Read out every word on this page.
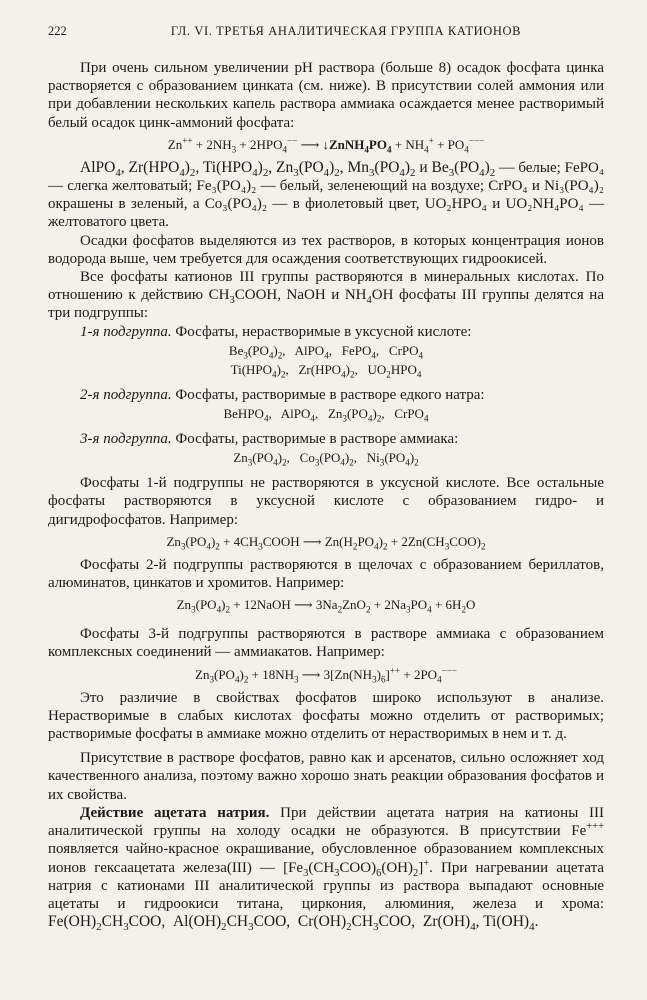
222	ГЛ. VI. ТРЕТЬЯ АНАЛИТИЧЕСКАЯ ГРУППА КАТИОНОВ

При очень сильном увеличении pH раствора (больше 8) осадок фосфата цинка растворяется с образованием цинката (см. ниже). В присутствии солей аммония или при добавлении нескольких капель раствора аммиака осаждается менее растворимый белый осадок цинк-аммоний фосфата:

$Zn^{++} + 2NH_3 + 2HPO_4^{--}$ ⟶ $↓ZnNH_4PO_4 + NH_4^+ + PO_4^{---}$

AlPO$_4$, $Zr(HPO_4)_2$, $Ti(HPO_4)_2$, $Zn_3(PO_4)_2$, $Mn_3(PO_4)_2$ и $Be_3(PO_4)_2$ — белые; FePO₄ — слегка желтоватый; Fe₃(PO₄)₂ — белый, зеленеющий на воздухе; CrPO₄ и Ni₃(PO₄)₂ окрашены в зеленый, а Co₃(PO₄)₂ — в фиолетовый цвет, UO₂HPO₄ и UO₂NH₄PO₄ — желтоватого цвета.

Осадки фосфатов выделяются из тех растворов, в которых концентрация ионов водорода выше, чем требуется для осаждения соответствующих гидроокисей.

Все фосфаты катионов III группы растворяются в минеральных кислотах. По отношению к действию $CH_3COOH$, NaOH и $NH_4OH$ фосфаты III группы делятся на три подгруппы:

1-я подгруппа. Фосфаты, нерастворимые в уксусной кислоте:

$Be_3(PO_4)_2$,   AlPO$_4$,   FePO$_4$,   CrPO$_4$
$Ti(HPO_4)_2$,   $Zr(HPO_4)_2$,   $UO_2HPO_4$

2-я подгруппа. Фосфаты, растворимые в растворе едкого натра:

BeHPO$_4$,   AlPO$_4$,   $Zn_3(PO_4)_2$,   CrPO$_4$

3-я подгруппа. Фосфаты, растворимые в растворе аммиака:

$Zn_3(PO_4)_2$,   $Co_3(PO_4)_2$,   $Ni_3(PO_4)_2$

Фосфаты 1-й подгруппы не растворяются в уксусной кислоте. Все остальные фосфаты растворяются в уксусной кислоте с образованием гидро- и дигидрофосфатов. Например:

$Zn_3(PO_4)_2$ + $4CH_3COOH$ ⟶ $Zn(H_2PO_4)_2 + 2Zn(CH_3COO)_2$

Фосфаты 2-й подгруппы растворяются в щелочах с образованием бериллатов, алюминатов, цинкатов и хромитов. Например:

$Zn_3(PO_4)_2$ + 12NaOH ⟶ $3Na_2ZnO_2 + 2Na_3PO_4 + 6H_2O$

Фосфаты 3-й подгруппы растворяются в растворе аммиака с образованием комплексных соединений — аммиакатов. Например:

$Zn_3(PO_4)_2 + 18NH_3$ ⟶ $3[Zn(NH_3)_6]^{++} + 2PO_4^{---}$

Это различие в свойствах фосфатов широко используют в анализе. Нерастворимые в слабых кислотах фосфаты можно отделить от растворимых; растворимые фосфаты в аммиаке можно отделить от нерастворимых в нем и т. д.

Присутствие в растворе фосфатов, равно как и арсенатов, сильно осложняет ход качественного анализа, поэтому важно хорошо знать реакции образования фосфатов и их свойства.

Действие ацетата натрия. При действии ацетата натрия на катионы III аналитической группы на холоду осадки не образуются. В присутствии Fe+++ появляется чайно-красное окрашивание, обусловленное образованием комплексных ионов гексаацетата железа(III) — $[Fe_3(CH_3COO)_6(OH)_2]^+$. При нагревании ацетата натрия с катионами III аналитической группы из раствора выпадают основные ацетаты и гидроокиси титана, циркония, алюминия, железа и хрома: $Fe(OH)_2CH_3COO$,  $Al(OH)_2CH_3COO$,  $Cr(OH)_2CH_3COO$,  $Zr(OH)_4$, $Ti(OH)_4$.
